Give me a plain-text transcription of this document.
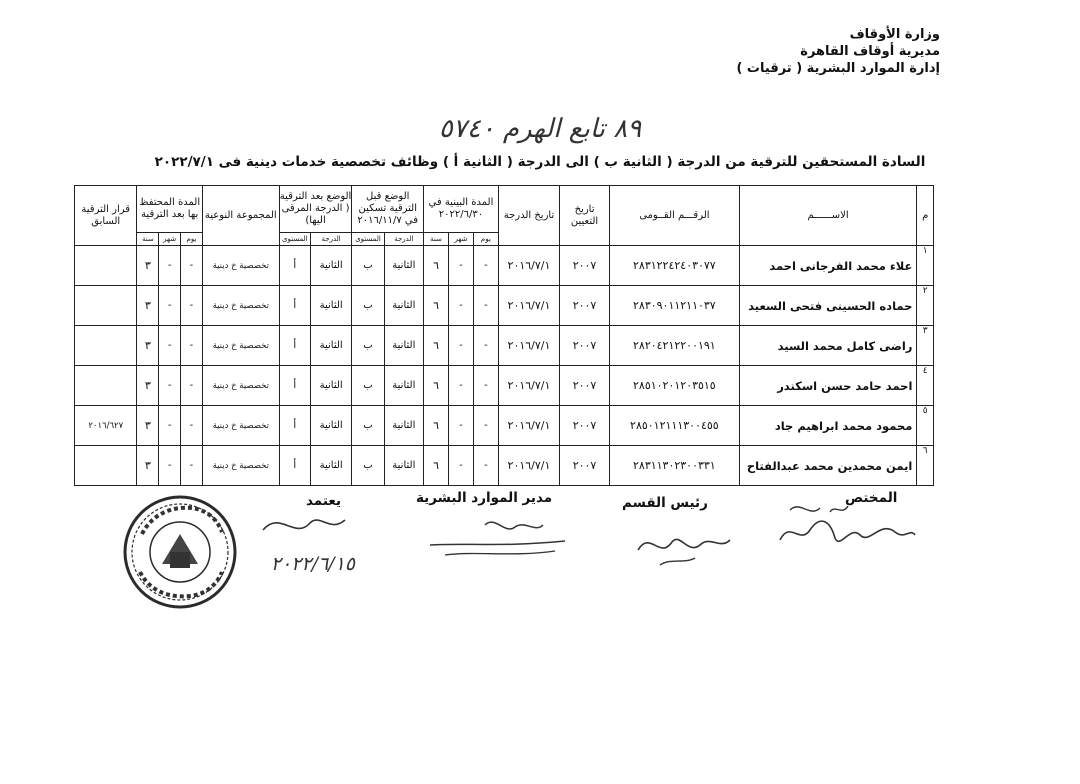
وزارة الأوقاف
مديرية أوقاف القاهرة
إدارة الموارد البشرية ( ترقيات )
٨٩ تابع الهرم ٥٧٤٠
السادة المستحقين للترقية من الدرجة ( الثانية ب ) الى الدرجة ( الثانية أ ) وظائف تخصصية خدمات دينية فى ٢٠٢٢/٧/١
م	الاســــــم	الرقـــم القــومى	تاريخ التعيين	تاريخ الدرجة	المدة البينية في ٢٠٢٢/٦/٣٠			الوضع قبل الترقية تسكين في ٢٠١٦/١١/٧		الوضع بعد الترقية ( الدرجة المرقى اليها)		المجموعة النوعية	المدة المحتفظ بها بعد الترقية			قرار الترقية السابق
					يوم	شهر	سنة	الدرجة	المستوى	الدرجة	المستوى		يوم	شهر	سنة	
١	علاء محمد الفرجانى احمد	٢٨٣١٢٢٤٢٤٠٣٠٧٧	٢٠٠٧	٢٠١٦/٧/١	-	-	٦	الثانية	ب	الثانية	أ	تخصصية خ دينية	-	-	٣	
٢	حماده الحسينى فتحى السعيد	٢٨٣٠٩٠١١٢١١٠٣٧	٢٠٠٧	٢٠١٦/٧/١	-	-	٦	الثانية	ب	الثانية	أ	تخصصية خ دينية	-	-	٣	
٣	راضى كامل محمد السيد	٢٨٢٠٤٢١٢٢٠٠١٩١	٢٠٠٧	٢٠١٦/٧/١	-	-	٦	الثانية	ب	الثانية	أ	تخصصية خ دينية	-	-	٣	
٤	احمد حامد حسن اسكندر	٢٨٥١٠٢٠١٢٠٣٥١٥	٢٠٠٧	٢٠١٦/٧/١	-	-	٦	الثانية	ب	الثانية	أ	تخصصية خ دينية	-	-	٣	
٥	محمود محمد ابراهيم جاد	٢٨٥٠١٢١١١٣٠٠٤٥٥	٢٠٠٧	٢٠١٦/٧/١	-	-	٦	الثانية	ب	الثانية	أ	تخصصية خ دينية	-	-	٣	٢٠١٦/٦٢٧
٦	ايمن محمدين محمد عبدالفتاح	٢٨٣١١٣٠٢٣٠٠٣٣١	٢٠٠٧	٢٠١٦/٧/١	-	-	٦	الثانية	ب	الثانية	أ	تخصصية خ دينية	-	-	٣	
المختص
رئيس القسم
مدير الموارد البشرية
يعتمد
٢٠٢٢/٦/١٥
